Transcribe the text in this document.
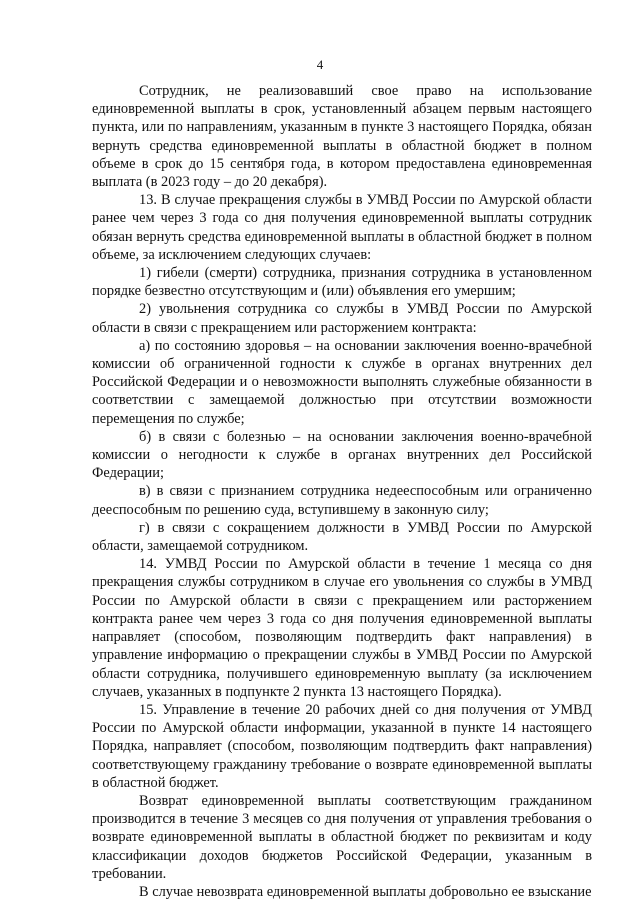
4

Сотрудник, не реализовавший свое право на использование единовременной выплаты в срок, установленный абзацем первым настоящего пункта, или по направлениям, указанным в пункте 3 настоящего Порядка, обязан вернуть средства единовременной выплаты в областной бюджет в полном объеме в срок до 15 сентября года, в котором предоставлена единовременная выплата (в 2023 году – до 20 декабря).

13. В случае прекращения службы в УМВД России по Амурской области ранее чем через 3 года со дня получения единовременной выплаты сотрудник обязан вернуть средства единовременной выплаты в областной бюджет в полном объеме, за исключением следующих случаев:

1) гибели (смерти) сотрудника, признания сотрудника в установленном порядке безвестно отсутствующим и (или) объявления его умершим;

2) увольнения сотрудника со службы в УМВД России по Амурской области в связи с прекращением или расторжением контракта:

а) по состоянию здоровья – на основании заключения военно-врачебной комиссии об ограниченной годности к службе в органах внутренних дел Российской Федерации и о невозможности выполнять служебные обязанности в соответствии с замещаемой должностью при отсутствии возможности перемещения по службе;

б) в связи с болезнью – на основании заключения военно-врачебной комиссии о негодности к службе в органах внутренних дел Российской Федерации;

в) в связи с признанием сотрудника недееспособным или ограниченно дееспособным по решению суда, вступившему в законную силу;

г) в связи с сокращением должности в УМВД России по Амурской области, замещаемой сотрудником.

14. УМВД России по Амурской области в течение 1 месяца со дня прекращения службы сотрудником в случае его увольнения со службы в УМВД России по Амурской области в связи с прекращением или расторжением контракта ранее чем через 3 года со дня получения единовременной выплаты направляет (способом, позволяющим подтвердить факт направления) в управление информацию о прекращении службы в УМВД России по Амурской области сотрудника, получившего единовременную выплату (за исключением случаев, указанных в подпункте 2 пункта 13 настоящего Порядка).

15. Управление в течение 20 рабочих дней со дня получения от УМВД России по Амурской области информации, указанной в пункте 14 настоящего Порядка, направляет (способом, позволяющим подтвердить факт направления) соответствующему гражданину требование о возврате единовременной выплаты в областной бюджет.

Возврат единовременной выплаты соответствующим гражданином производится в течение 3 месяцев со дня получения от управления требования о возврате единовременной выплаты в областной бюджет по реквизитам и коду классификации доходов бюджетов Российской Федерации, указанным в требовании.

В случае невозврата единовременной выплаты добровольно ее взыскание
